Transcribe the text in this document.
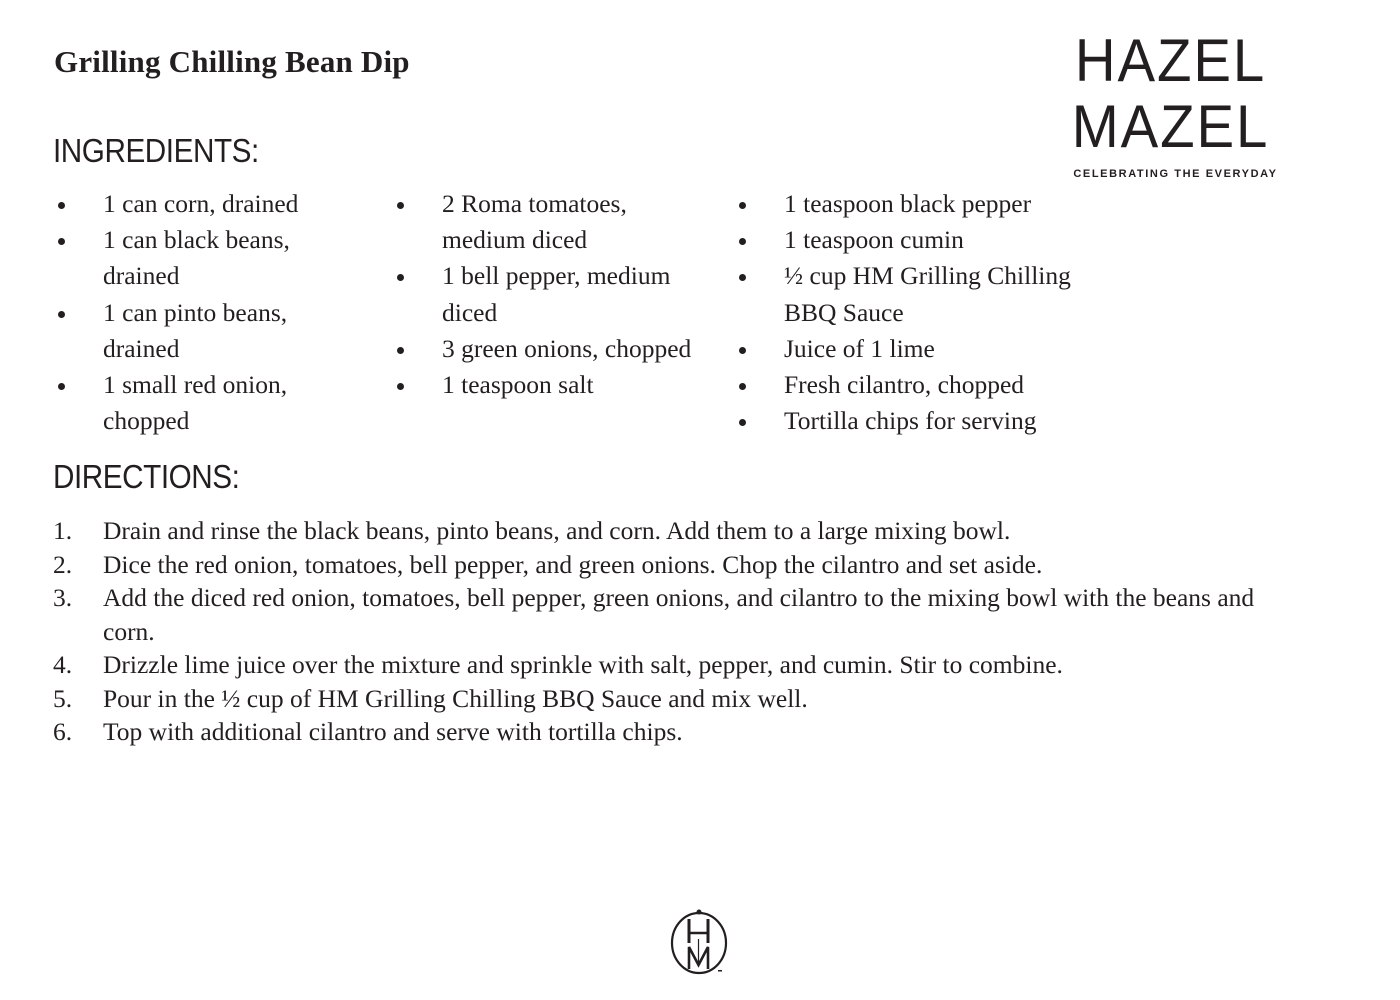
Grilling Chilling Bean Dip	HAZEL MAZEL
CELEBRATING THE EVERYDAY
INGREDIENTS:
1 can corn, drained
1 can black beans, drained
1 can pinto beans, drained
1 small red onion, chopped
2 Roma tomatoes, medium diced
1 bell pepper, medium diced
3 green onions, chopped
1 teaspoon salt
1 teaspoon black pepper
1 teaspoon cumin
½ cup HM Grilling Chilling BBQ Sauce
Juice of 1 lime
Fresh cilantro, chopped
Tortilla chips for serving
DIRECTIONS:
1. Drain and rinse the black beans, pinto beans, and corn. Add them to a large mixing bowl.
2. Dice the red onion, tomatoes, bell pepper, and green onions. Chop the cilantro and set aside.
3. Add the diced red onion, tomatoes, bell pepper, green onions, and cilantro to the mixing bowl with the beans and corn.
4. Drizzle lime juice over the mixture and sprinkle with salt, pepper, and cumin. Stir to combine.
5. Pour in the ½ cup of HM Grilling Chilling BBQ Sauce and mix well.
6. Top with additional cilantro and serve with tortilla chips.
